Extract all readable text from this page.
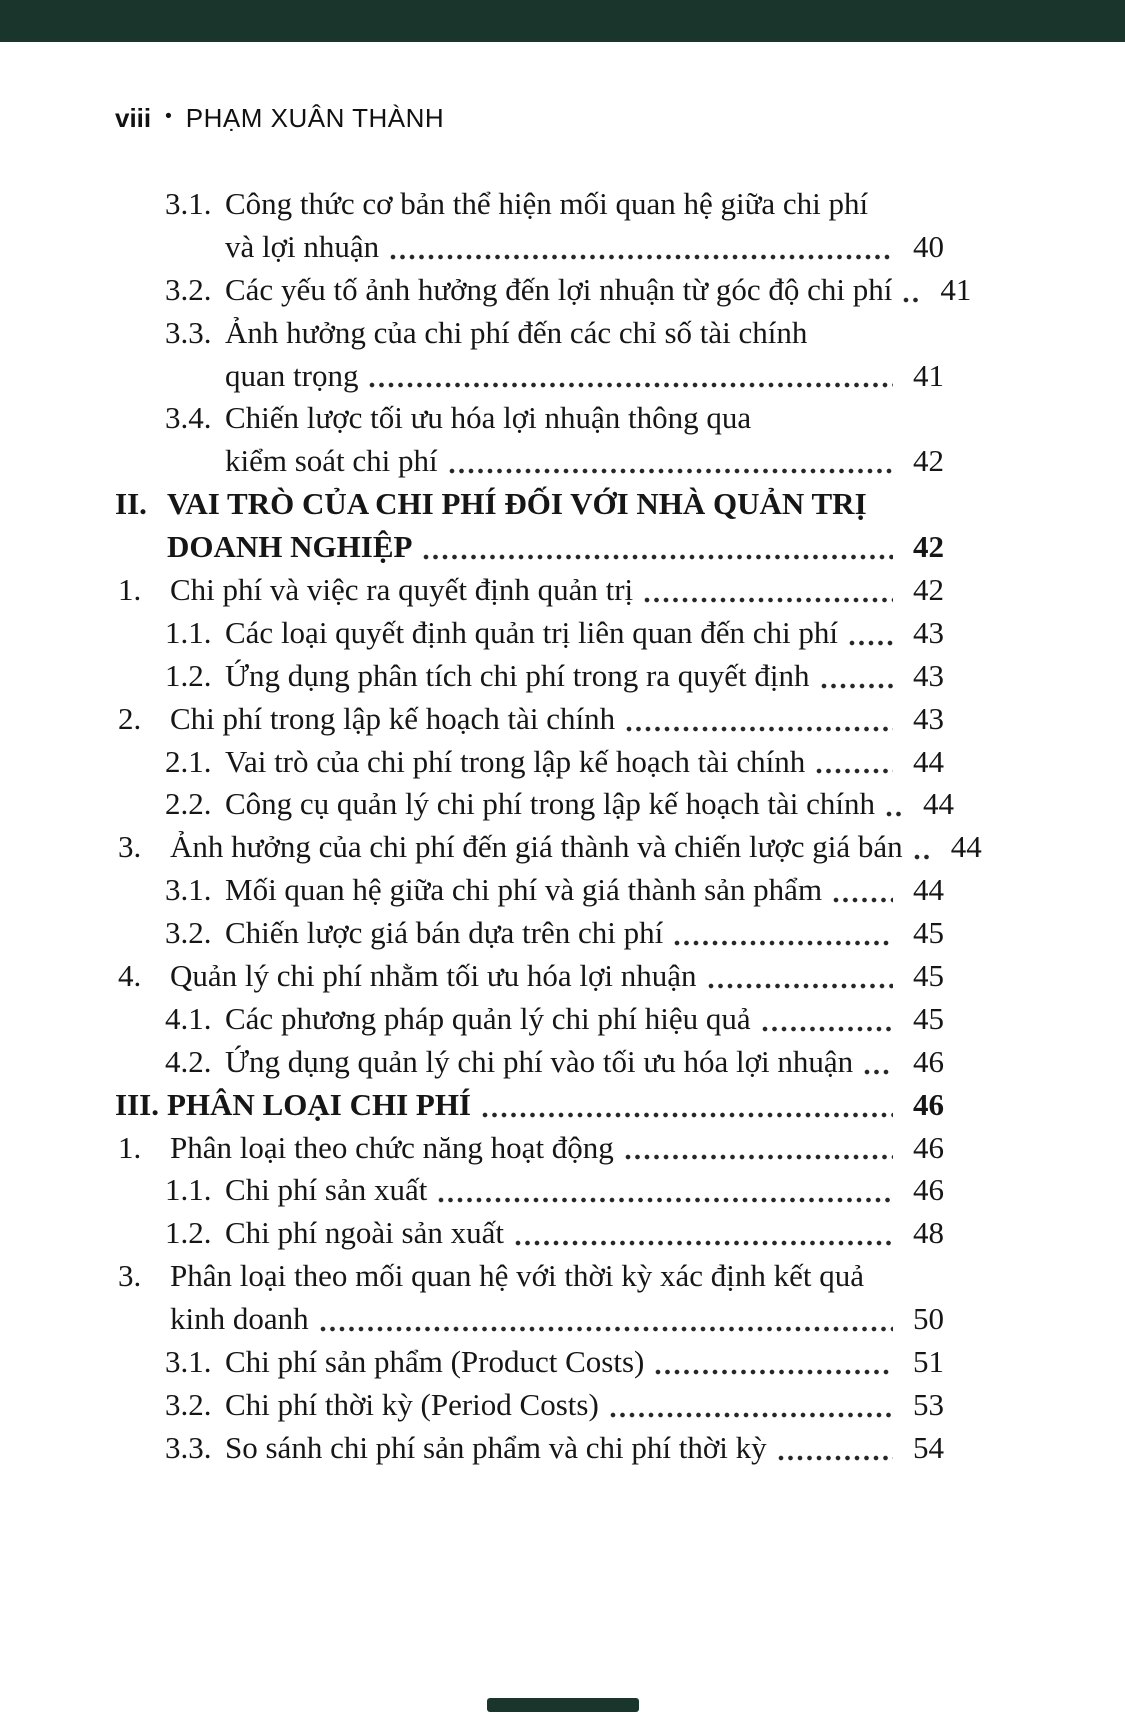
viii • PHẠM XUÂN THÀNH
3.1. Công thức cơ bản thể hiện mối quan hệ giữa chi phí
và lợi nhuận	40
3.2. Các yếu tố ảnh hưởng đến lợi nhuận từ góc độ chi phí	41
3.3. Ảnh hưởng của chi phí đến các chỉ số tài chính
quan trọng	41
3.4. Chiến lược tối ưu hóa lợi nhuận thông qua
kiểm soát chi phí	42
II. VAI TRÒ CỦA CHI PHÍ ĐỐI VỚI NHÀ QUẢN TRỊ
DOANH NGHIỆP	42
1. Chi phí và việc ra quyết định quản trị	42
1.1. Các loại quyết định quản trị liên quan đến chi phí	43
1.2. Ứng dụng phân tích chi phí trong ra quyết định	43
2. Chi phí trong lập kế hoạch tài chính	43
2.1. Vai trò của chi phí trong lập kế hoạch tài chính	44
2.2. Công cụ quản lý chi phí trong lập kế hoạch tài chính	44
3. Ảnh hưởng của chi phí đến giá thành và chiến lược giá bán	44
3.1. Mối quan hệ giữa chi phí và giá thành sản phẩm	44
3.2. Chiến lược giá bán dựa trên chi phí	45
4. Quản lý chi phí nhằm tối ưu hóa lợi nhuận	45
4.1. Các phương pháp quản lý chi phí hiệu quả	45
4.2. Ứng dụng quản lý chi phí vào tối ưu hóa lợi nhuận	46
III. PHÂN LOẠI CHI PHÍ	46
1. Phân loại theo chức năng hoạt động	46
1.1. Chi phí sản xuất	46
1.2. Chi phí ngoài sản xuất	48
3. Phân loại theo mối quan hệ với thời kỳ xác định kết quả
kinh doanh	50
3.1. Chi phí sản phẩm (Product Costs)	51
3.2. Chi phí thời kỳ (Period Costs)	53
3.3. So sánh chi phí sản phẩm và chi phí thời kỳ	54
